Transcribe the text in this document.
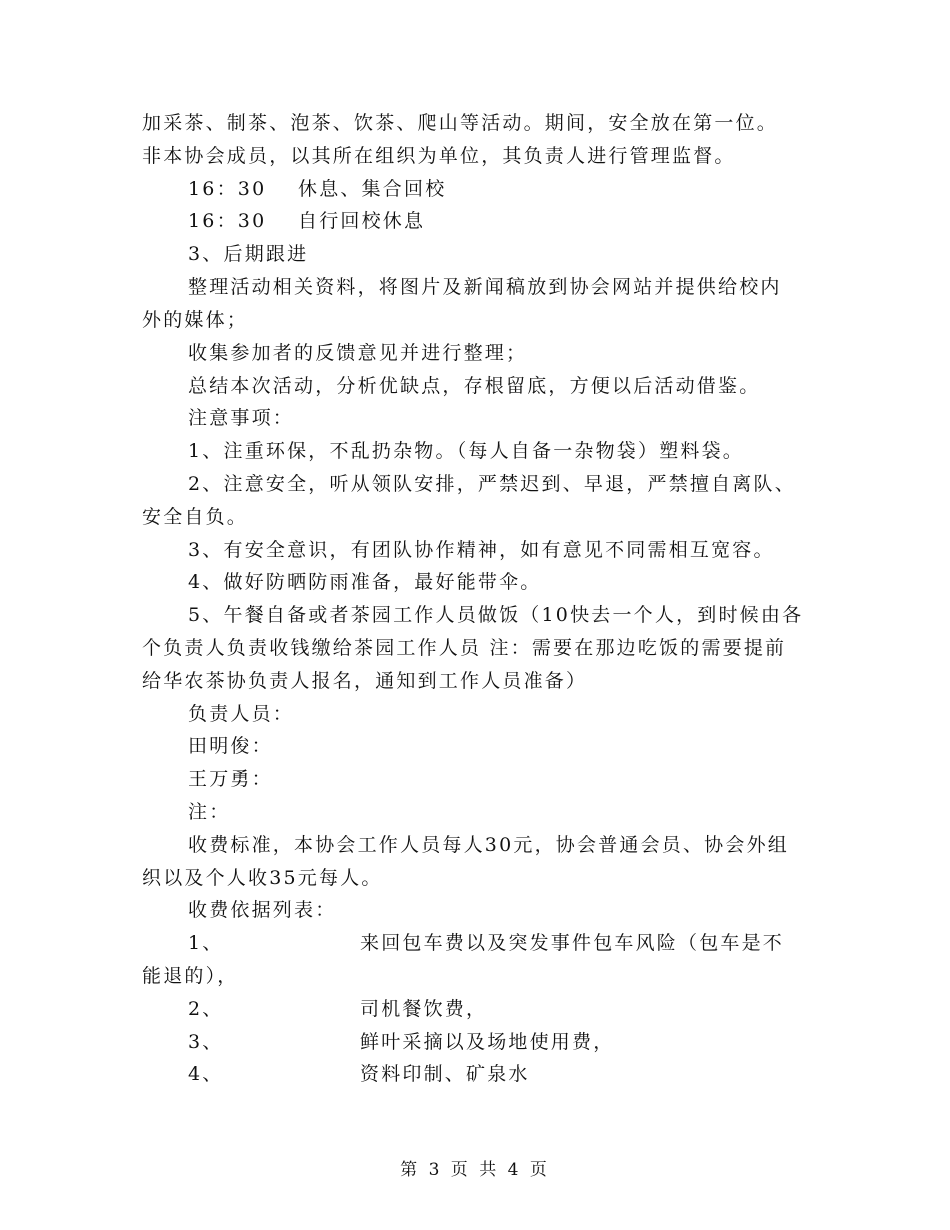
加采茶、制茶、泡茶、饮茶、爬山等活动。期间，安全放在第一位。
非本协会成员，以其所在组织为单位，其负责人进行管理监督。
16：30 休息、集合回校
16：30 自行回校休息
3、后期跟进
整理活动相关资料，将图片及新闻稿放到协会网站并提供给校内
外的媒体；
收集参加者的反馈意见并进行整理；
总结本次活动，分析优缺点，存根留底，方便以后活动借鉴。
注意事项：
1、注重环保，不乱扔杂物。（每人自备一杂物袋）塑料袋。
2、注意安全，听从领队安排，严禁迟到、早退，严禁擅自离队、
安全自负。
3、有安全意识，有团队协作精神，如有意见不同需相互宽容。
4、做好防晒防雨准备，最好能带伞。
5、午餐自备或者茶园工作人员做饭（10快去一个人，到时候由各
个负责人负责收钱缴给茶园工作人员 注：需要在那边吃饭的需要提前
给华农茶协负责人报名，通知到工作人员准备）
负责人员：
田明俊：
王万勇：
注：
收费标准，本协会工作人员每人30元，协会普通会员、协会外组
织以及个人收35元每人。
收费依据列表：
1、	来回包车费以及突发事件包车风险（包车是不
能退的），
2、	司机餐饮费，
3、	鲜叶采摘以及场地使用费，
4、	资料印制、矿泉水
第 3 页 共 4 页
